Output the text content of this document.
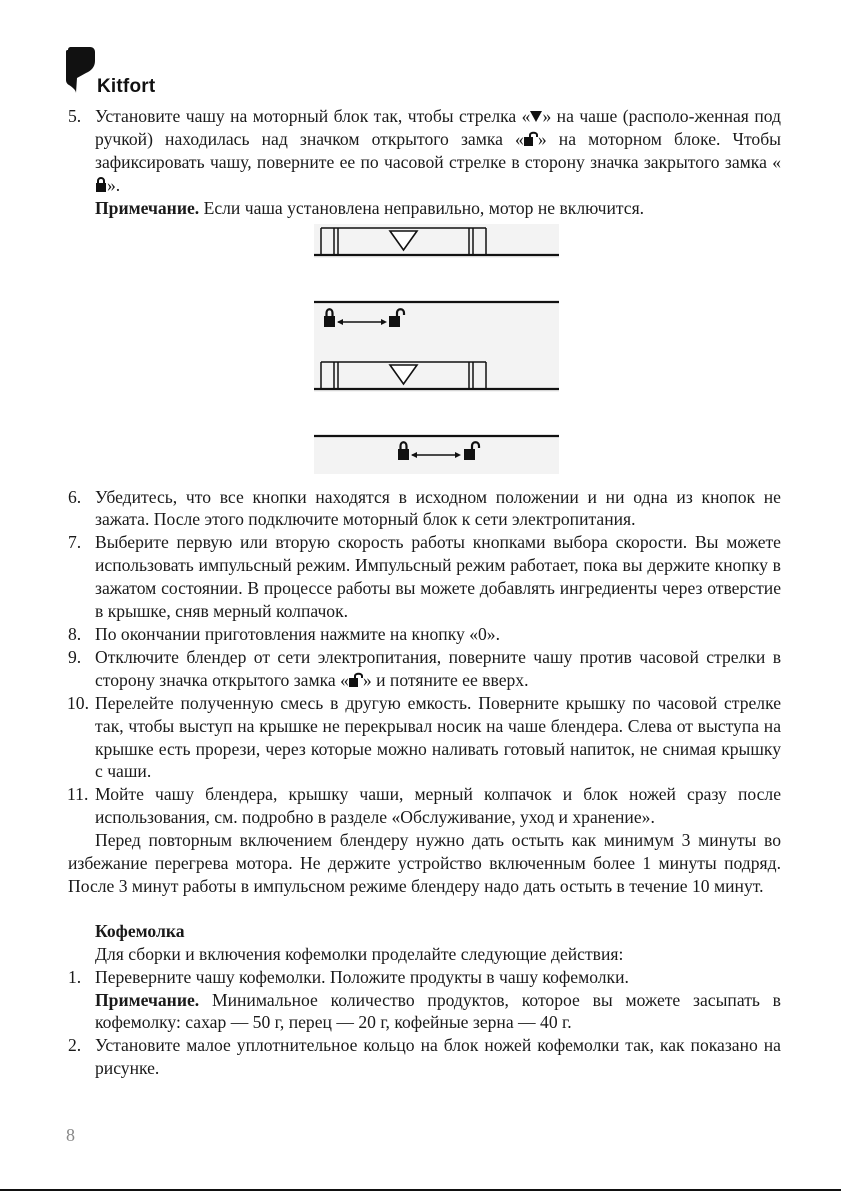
Kitfort
5. Установите чашу на моторный блок так, чтобы стрелка « » на чаше (располо-женная под ручкой) находилась над значком открытого замка « » на моторном блоке. Чтобы зафиксировать чашу, поверните ее по часовой стрелке в сторону значка закрытого замка «».
Примечание. Если чаша установлена неправильно, мотор не включится.
6. Убедитесь, что все кнопки находятся в исходном положении и ни одна из кнопок не зажата. После этого подключите моторный блок к сети электропитания.
7. Выберите первую или вторую скорость работы кнопками выбора скорости. Вы можете использовать импульсный режим. Импульсный режим работает, пока вы держите кнопку в зажатом состоянии. В процессе работы вы можете добавлять ингредиенты через отверстие в крышке, сняв мерный колпачок.
8. По окончании приготовления нажмите на кнопку «0».
9. Отключите блендер от сети электропитания, поверните чашу против часовой стрелки в сторону значка открытого замка « » и потяните ее вверх.
10. Перелейте полученную смесь в другую емкость. Поверните крышку по часовой стрелке так, чтобы выступ на крышке не перекрывал носик на чаше блендера. Слева от выступа на крышке есть прорези, через которые можно наливать готовый напиток, не снимая крышку с чаши.
11. Мойте чашу блендера, крышку чаши, мерный колпачок и блок ножей сразу после использования, см. подробно в разделе «Обслуживание, уход и хранение».
Перед повторным включением блендеру нужно дать остыть как минимум 3 минуты во избежание перегрева мотора. Не держите устройство включенным более 1 минуты подряд. После 3 минут работы в импульсном режиме блендеру надо дать остыть в течение 10 минут.
Кофемолка
Для сборки и включения кофемолки проделайте следующие действия:
1. Переверните чашу кофемолки. Положите продукты в чашу кофемолки.
Примечание. Минимальное количество продуктов, которое вы можете засыпать в кофемолку: сахар — 50 г, перец — 20 г, кофейные зерна — 40 г.
2. Установите малое уплотнительное кольцо на блок ножей кофемолки так, как показано на рисунке.
8
